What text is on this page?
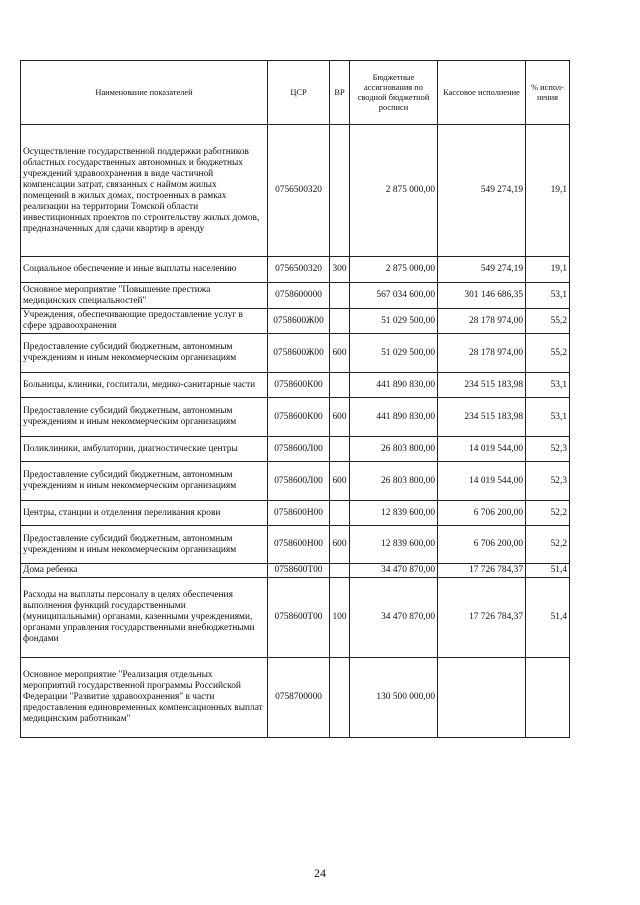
Наименование показателей	ЦСР	ВР	Бюджетные ассигнования по сводной бюджетной росписи	Кассовое исполнение	% испол- нения
Осуществление государственной поддержки работников областных государственных автономных и бюджетных учреждений здравоохранения в виде частичной компенсации затрат, связанных с наймом жилых помещений в жилых домах, построенных в рамках реализации на территории Томской области инвестиционных проектов по строительству жилых домов, предназначенных для сдачи квартир в аренду	0756500320		2 875 000,00	549 274,19	19,1
Социальное обеспечение и иные выплаты населению	0756500320	300	2 875 000,00	549 274,19	19,1
Основное мероприятие "Повышение престижа медицинских специальностей"	0758600000		567 034 600,00	301 146 686,35	53,1
Учреждения, обеспечивающие предоставление услуг в сфере здравоохранения	0758600Ж00		51 029 500,00	28 178 974,00	55,2
Предоставление субсидий бюджетным, автономным учреждениям и иным некоммерческим организациям	0758600Ж00	600	51 029 500,00	28 178 974,00	55,2
Больницы, клиники, госпитали, медико-санитарные части	0758600К00		441 890 830,00	234 515 183,98	53,1
Предоставление субсидий бюджетным, автономным учреждениям и иным некоммерческим организациям	0758600К00	600	441 890 830,00	234 515 183,98	53,1
Поликлиники, амбулатории, диагностические центры	0758600Л00		26 803 800,00	14 019 544,00	52,3
Предоставление субсидий бюджетным, автономным учреждениям и иным некоммерческим организациям	0758600Л00	600	26 803 800,00	14 019 544,00	52,3
Центры, станции и отделения переливания крови	0758600Н00		12 839 600,00	6 706 200,00	52,2
Предоставление субсидий бюджетным, автономным учреждениям и иным некоммерческим организациям	0758600Н00	600	12 839 600,00	6 706 200,00	52,2
Дома ребенка	0758600Т00		34 470 870,00	17 726 784,37	51,4
Расходы на выплаты персоналу в целях обеспечения выполнения функций государственными (муниципальными) органами, казенными учреждениями, органами управления государственными внебюджетными фондами	0758600Т00	100	34 470 870,00	17 726 784,37	51,4
Основное мероприятие "Реализация отдельных мероприятий государственной программы Российской Федерации "Развитие здравоохранения" в части предоставления единовременных компенсационных выплат медицинским работникам"	0758700000		130 500 000,00		
24
